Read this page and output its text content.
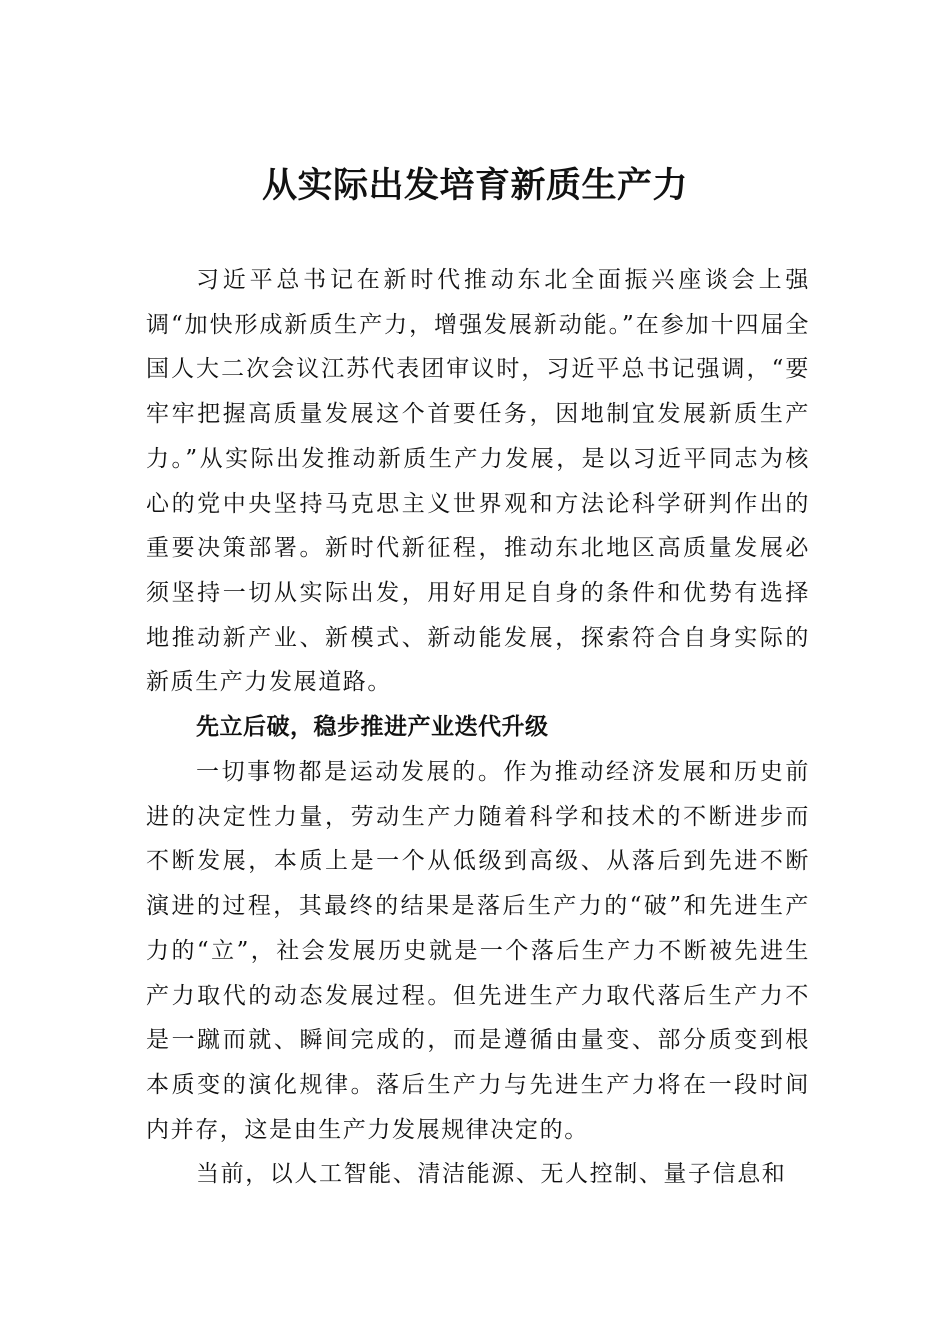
从实际出发培育新质生产力

习近平总书记在新时代推动东北全面振兴座谈会上强调“加快形成新质生产力，增强发展新动能。”在参加十四届全国人大二次会议江苏代表团审议时，习近平总书记强调，“要牢牢把握高质量发展这个首要任务，因地制宜发展新质生产力。”从实际出发推动新质生产力发展，是以习近平同志为核心的党中央坚持马克思主义世界观和方法论科学研判作出的重要决策部署。新时代新征程，推动东北地区高质量发展必须坚持一切从实际出发，用好用足自身的条件和优势有选择地推动新产业、新模式、新动能发展，探索符合自身实际的新质生产力发展道路。

先立后破，稳步推进产业迭代升级

一切事物都是运动发展的。作为推动经济发展和历史前进的决定性力量，劳动生产力随着科学和技术的不断进步而不断发展，本质上是一个从低级到高级、从落后到先进不断演进的过程，其最终的结果是落后生产力的“破”和先进生产力的“立”，社会发展历史就是一个落后生产力不断被先进生产力取代的动态发展过程。但先进生产力取代落后生产力不是一蹴而就、瞬间完成的，而是遵循由量变、部分质变到根本质变的演化规律。落后生产力与先进生产力将在一段时间内并存，这是由生产力发展规律决定的。

当前，以人工智能、清洁能源、无人控制、量子信息和
